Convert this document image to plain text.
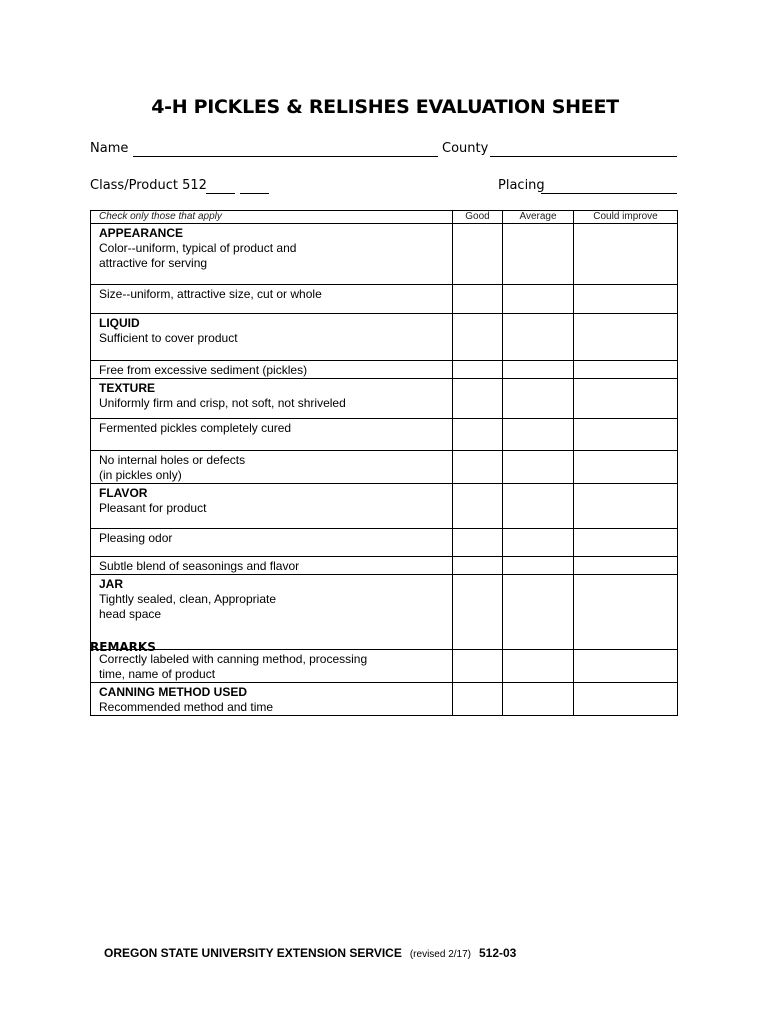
4-H PICKLES & RELISHES EVALUATION SHEET
Name	County
Class/Product 512	Placing
Check only those that apply	Good	Average	Could improve

APPEARANCE
Color--uniform, typical of product and
attractive for serving			

Size--uniform, attractive size, cut or whole			

LIQUID
Sufficient to cover product			

Free from excessive sediment (pickles)			

TEXTURE
Uniformly firm and crisp, not soft, not shriveled			

Fermented pickles completely cured			

No internal holes or defects
(in pickles only)			

FLAVOR
Pleasant for product			

Pleasing odor			

Subtle blend of seasonings and flavor			

JAR
Tightly sealed, clean, Appropriate
head space			

Correctly labeled with canning method, processing
time, name of product			

CANNING METHOD USED
Recommended method and time			

REMARKS
OREGON STATE UNIVERSITY EXTENSION SERVICE (revised 2/17) 512-03
